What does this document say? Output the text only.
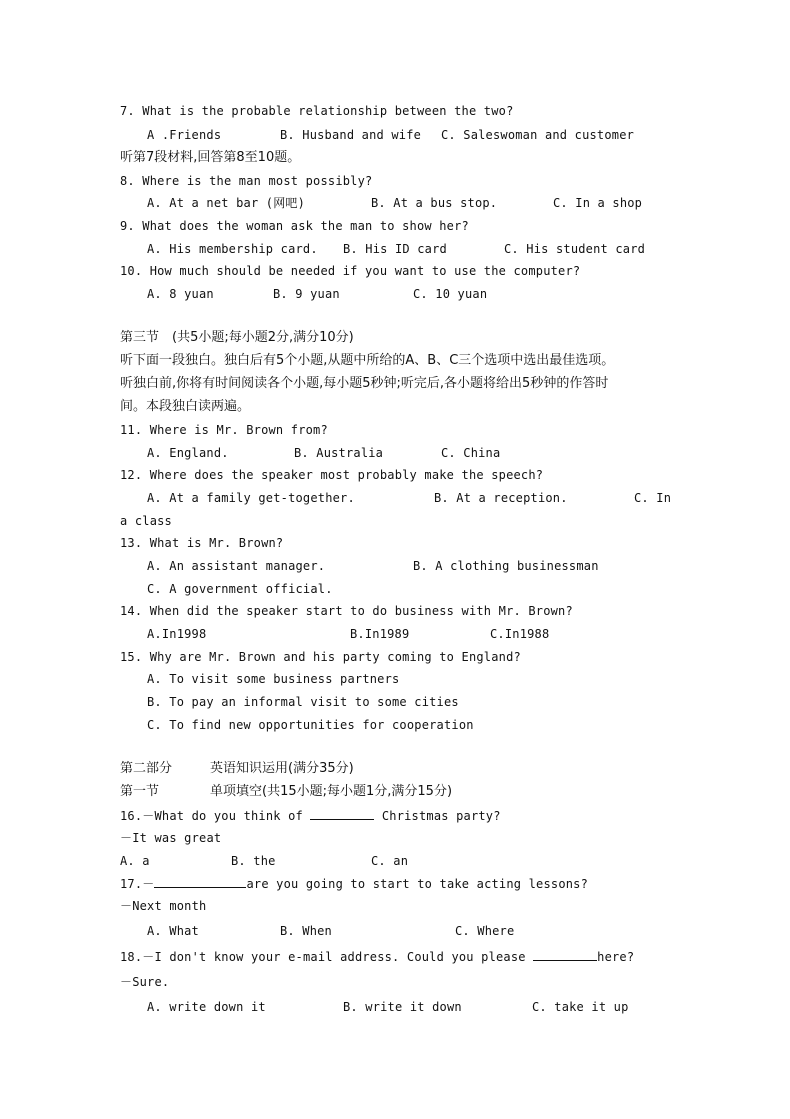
7. What is the probable relationship between the two?
A .Friends	B. Husband and wife C. Saleswoman and customer
听第7段材料,回答第8至10题。
8. Where is the man most possibly?
A. At a net bar (网吧)	B. At a bus stop.	C. In a shop
9. What does the woman ask the man to show her?
A. His membership card. B. His ID card	C. His student card
10. How much should be needed if you want to use the computer?
A. 8 yuan	B. 9 yuan	C. 10 yuan
第三节　(共5小题;每小题2分,满分10分)
听下面一段独白。独白后有5个小题,从题中所给的A、B、C三个选项中选出最佳选项。
听独白前,你将有时间阅读各个小题,每小题5秒钟;听完后,各小题将给出5秒钟的作答时
间。本段独白读两遍。
11. Where is Mr. Brown from?
A. England.	B. Australia	C. China
12. Where does the speaker most probably make the speech?
A. At a family get-together.	B. At a reception.	C. In
a class
13. What is Mr. Brown?
A. An assistant manager.	B. A clothing businessman
C. A government official.
14. When did the speaker start to do business with Mr. Brown?
A.In1998	B.In1989	C.In1988
15. Why are Mr. Brown and his party coming to England?
A. To visit some business partners
B. To pay an informal visit to some cities
C. To find new opportunities for cooperation
第二部分	英语知识运用(满分35分)
第一节	单项填空(共15小题;每小题1分,满分15分)
16.－What do you think of	Christmas party?
－It was great
A. a	B. the	C. an
17.－	are you going to start to take acting lessons?
－Next month
A. What	B. When	C. Where
18.－I don't know your e-mail address. Could you please	here?
－Sure.
A. write down it	B. write it down	C. take it up
